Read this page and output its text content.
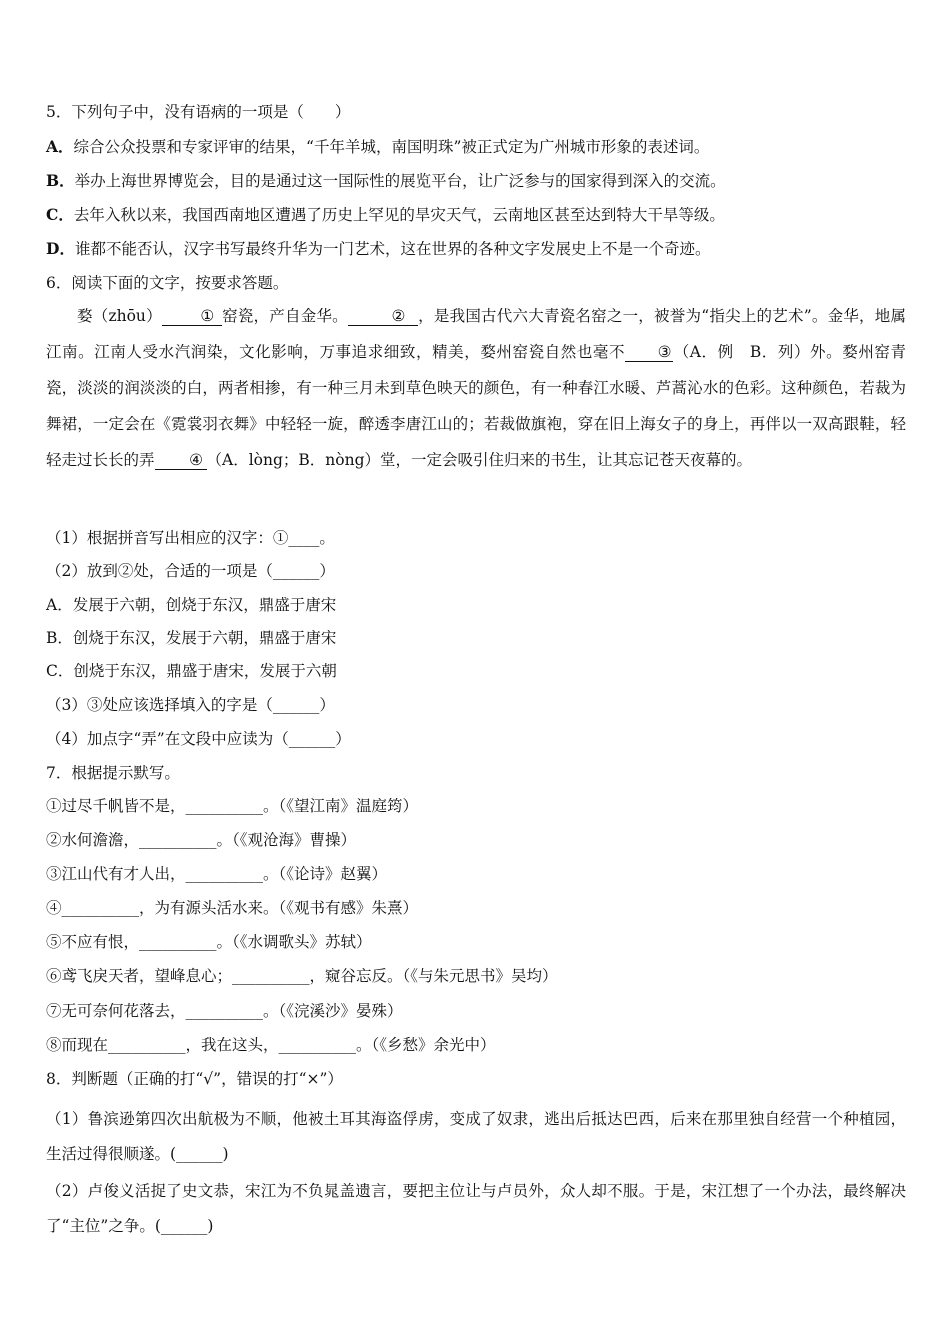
5．下列句子中，没有语病的一项是（　　）
A．综合公众投票和专家评审的结果，“千年羊城，南国明珠”被正式定为广州城市形象的表述词。
B．举办上海世界博览会，目的是通过这一国际性的展览平台，让广泛参与的国家得到深入的交流。
C．去年入秋以来，我国西南地区遭遇了历史上罕见的旱灾天气，云南地区甚至达到特大干旱等级。
D．谁都不能否认，汉字书写最终升华为一门艺术，这在世界的各种文字发展史上不是一个奇迹。
6．阅读下面的文字，按要求答题。

婺（zhōu） ① 窑瓷，产自金华。	② ，是我国古代六大青瓷名窑之一，被誉为“指尖上的艺术”。金华，地属江南。江南人受水汽润染，文化影响，万事追求细致，精美，婺州窑瓷自然也毫不 ③（A．例　B．列）外。婺州窑青瓷，淡淡的润淡淡的白，两者相掺，有一种三月未到草色映天的颜色，有一种春江水暖、芦蒿沁水的色彩。这种颜色，若裁为舞裙，一定会在《霓裳羽衣舞》中轻轻一旋，醉透李唐江山的；若裁做旗袍，穿在旧上海女子的身上，再伴以一双高跟鞋，轻轻走过长长的弄 ④ （A．lòng；B．nòng）堂，一定会吸引住归来的书生，让其忘记苍天夜幕的。

（1）根据拼音写出相应的汉字：①____。
（2）放到②处，合适的一项是（______）
A．发展于六朝，创烧于东汉，鼎盛于唐宋
B．创烧于东汉，发展于六朝，鼎盛于唐宋
C．创烧于东汉，鼎盛于唐宋，发展于六朝
（3）③处应该选择填入的字是（______）
（4）加点字“弄”在文段中应读为（______）
7．根据提示默写。
①过尽千帆皆不是，__________。（《望江南》温庭筠）
②水何澹澹，__________。（《观沧海》曹操）
③江山代有才人出，__________。（《论诗》赵翼）
④__________，为有源头活水来。（《观书有感》朱熹）
⑤不应有恨，__________。（《水调歌头》苏轼）
⑥鸢飞戾天者，望峰息心；__________，窥谷忘反。（《与朱元思书》吴均）
⑦无可奈何花落去，__________。（《浣溪沙》晏殊）
⑧而现在__________，我在这头，__________。（《乡愁》余光中）
8．判断题（正确的打“√”，错误的打“×”）
（1）鲁滨逊第四次出航极为不顺，他被土耳其海盗俘虏，变成了奴隶，逃出后抵达巴西，后来在那里独自经营一个种植园，生活过得很顺遂。(______)
（2）卢俊义活捉了史文恭，宋江为不负晁盖遗言，要把主位让与卢员外，众人却不服。于是，宋江想了一个办法，最终解决了“主位”之争。(______)
